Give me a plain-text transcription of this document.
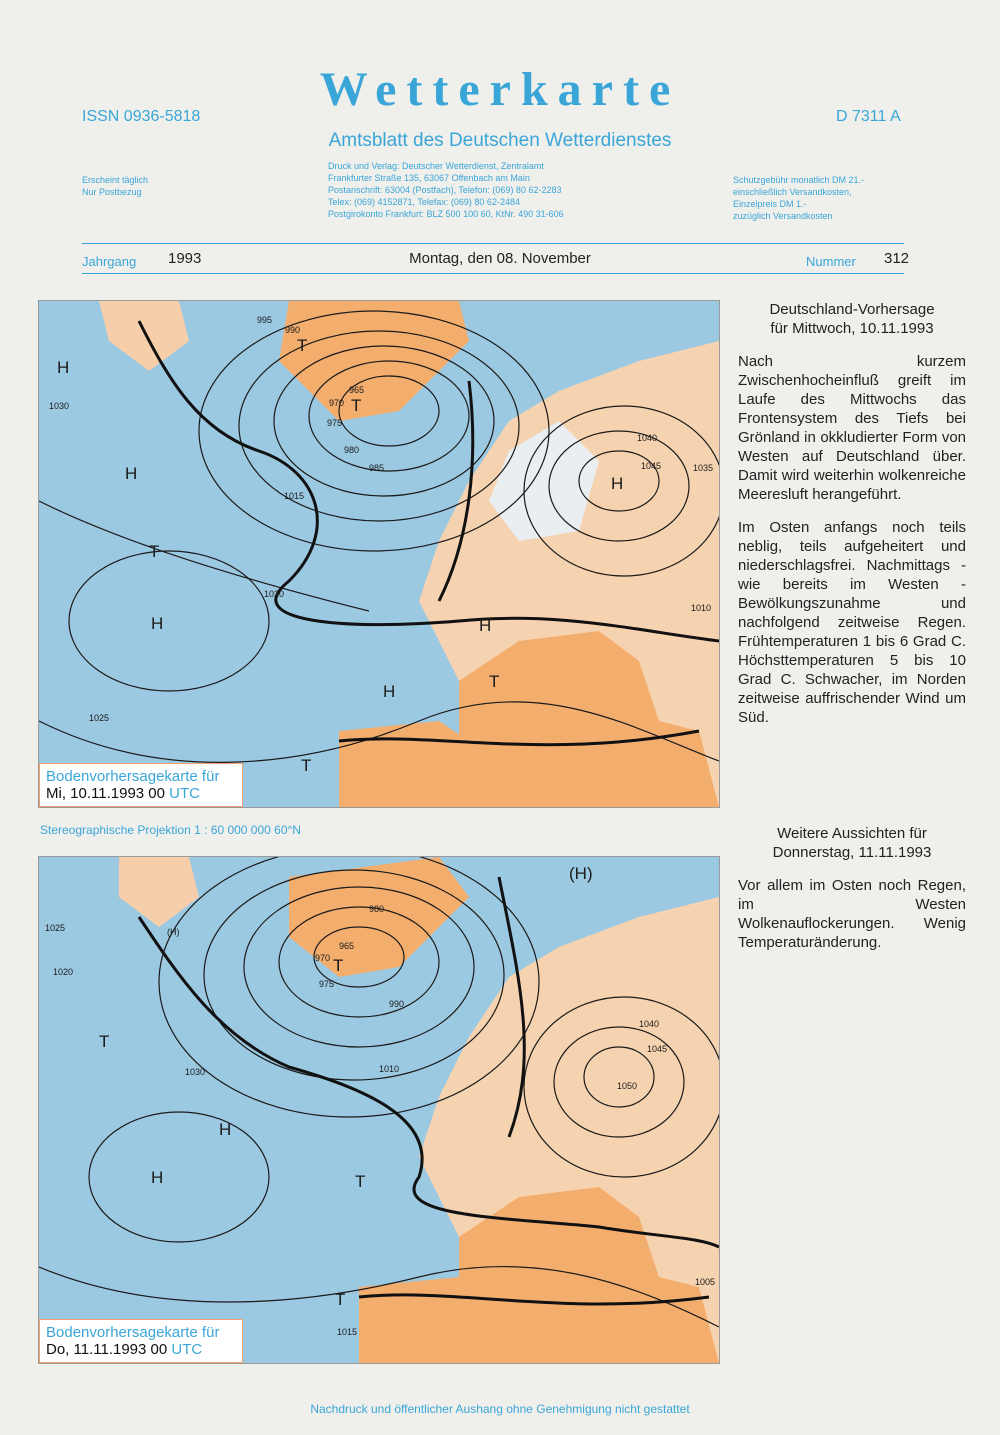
ISSN 0936-5818
Wetterkarte
Amtsblatt des Deutschen Wetterdienstes
D 7311 A
Erscheint täglich
Nur Postbezug
Druck und Verlag: Deutscher Wetterdienst, Zentralamt
Frankfurter Straße 135, 63067 Offenbach am Main
Postanschrift: 63004 (Postfach), Telefon: (069) 80 62-2283
Telex: (069) 4152871, Telefax: (069) 80 62-2484
Postgirokonto Frankfurt: BLZ 500 100 60, KtNr. 490 31-606
Schutzgebühr monatlich DM 21.-
einschließlich Versandkosten,
Einzelpreis DM 1.-
zuzüglich Versandkosten
Jahrgang 1993	Montag, den 08. November	Nummer 312
995
990
965
970
975
980
985
1015
1020
1030
1025
1040
1045	1035
1010
H
H
H
H
H
H
T
T
T
T
T
Bodenvorhersagekarte für
Mi, 10.11.1993 00 UTC
Stereographische Projektion 1 : 60 000 000 60°N
1025	(H)
1020
965
970
975
980
990
1010
1030
1040
1045
1050
1015
1005
H
H
(H)
T
T
T
T
Bodenvorhersagekarte für
Do, 11.11.1993 00 UTC
Deutschland-Vorhersage
für Mittwoch, 10.11.1993
Nach kurzem Zwischenhocheinfluß greift im Laufe des Mittwochs das Frontensystem des Tiefs bei Grönland in okkludierter Form von Westen auf Deutschland über. Damit wird weiterhin wolkenreiche Meeresluft herangeführt.
Im Osten anfangs noch teils neblig, teils aufgeheitert und niederschlagsfrei. Nachmittags - wie bereits im Westen - Bewölkungszunahme und nachfolgend zeitweise Regen. Frühtemperaturen 1 bis 6 Grad C. Höchsttemperaturen 5 bis 10 Grad C. Schwacher, im Norden zeitweise auffrischender Wind um Süd.
Weitere Aussichten für
Donnerstag, 11.11.1993
Vor allem im Osten noch Regen, im Westen Wolkenauflockerungen. Wenig Temperaturänderung.
Nachdruck und öffentlicher Aushang ohne Genehmigung nicht gestattet
